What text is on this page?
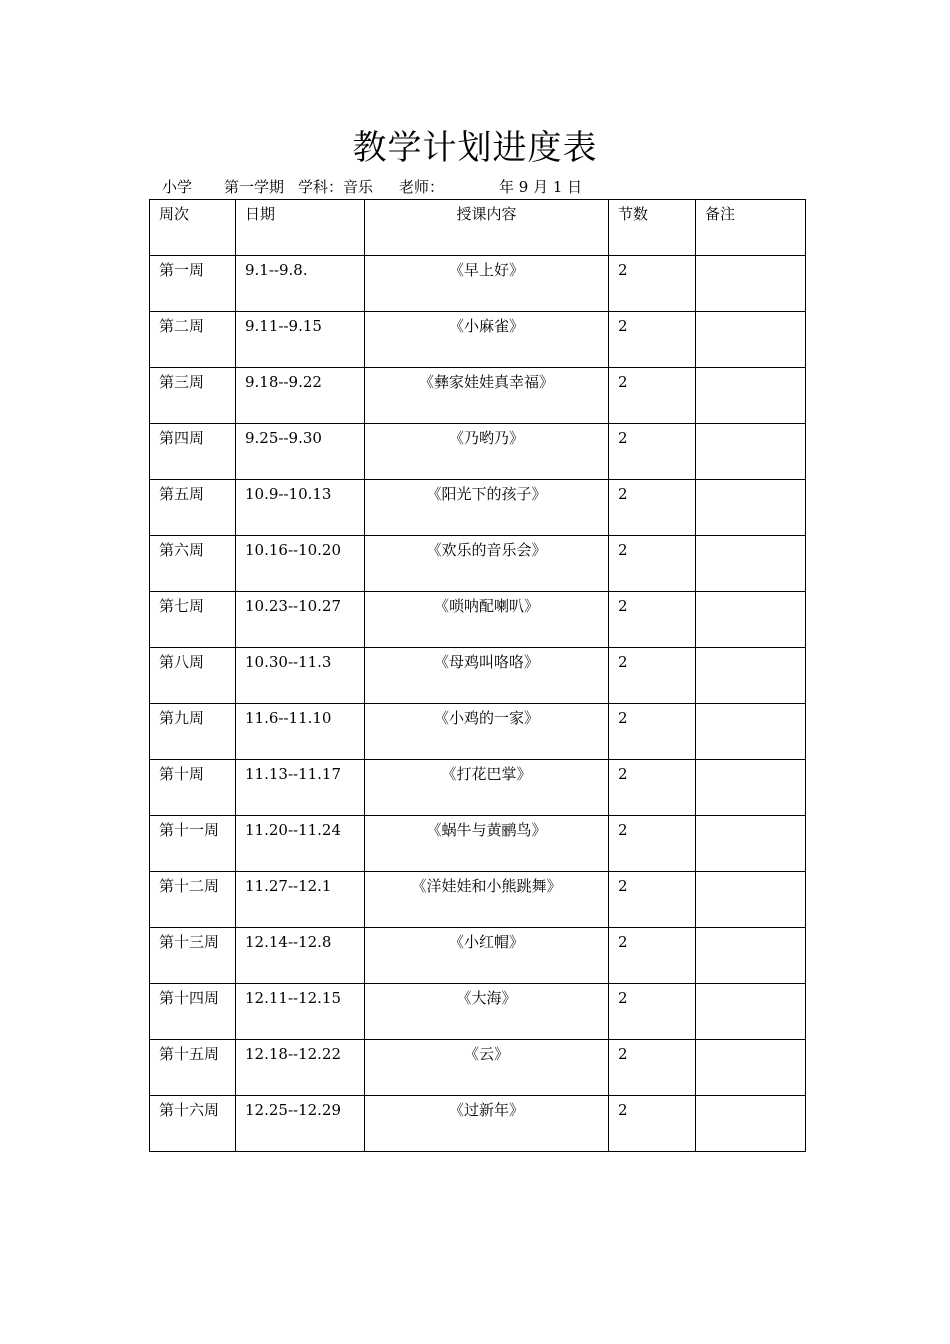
教学计划进度表
小学 第一学期 学科：音乐 老师：	年 9 月 1 日
周次	日期	授课内容	节数	备注
第一周	9.1--9.8.	《早上好》	2	
第二周	9.11--9.15	《小麻雀》	2	
第三周	9.18--9.22	《彝家娃娃真幸福》	2	
第四周	9.25--9.30	《乃哟乃》	2	
第五周	10.9--10.13	《阳光下的孩子》	2	
第六周	10.16--10.20	《欢乐的音乐会》	2	
第七周	10.23--10.27	《唢呐配喇叭》	2	
第八周	10.30--11.3	《母鸡叫咯咯》	2	
第九周	11.6--11.10	《小鸡的一家》	2	
第十周	11.13--11.17	《打花巴掌》	2	
第十一周	11.20--11.24	《蜗牛与黄鹂鸟》	2	
第十二周	11.27--12.1	《洋娃娃和小熊跳舞》	2	
第十三周	12.14--12.8	《小红帽》	2	
第十四周	12.11--12.15	《大海》	2	
第十五周	12.18--12.22	《云》	2	
第十六周	12.25--12.29	《过新年》	2	
